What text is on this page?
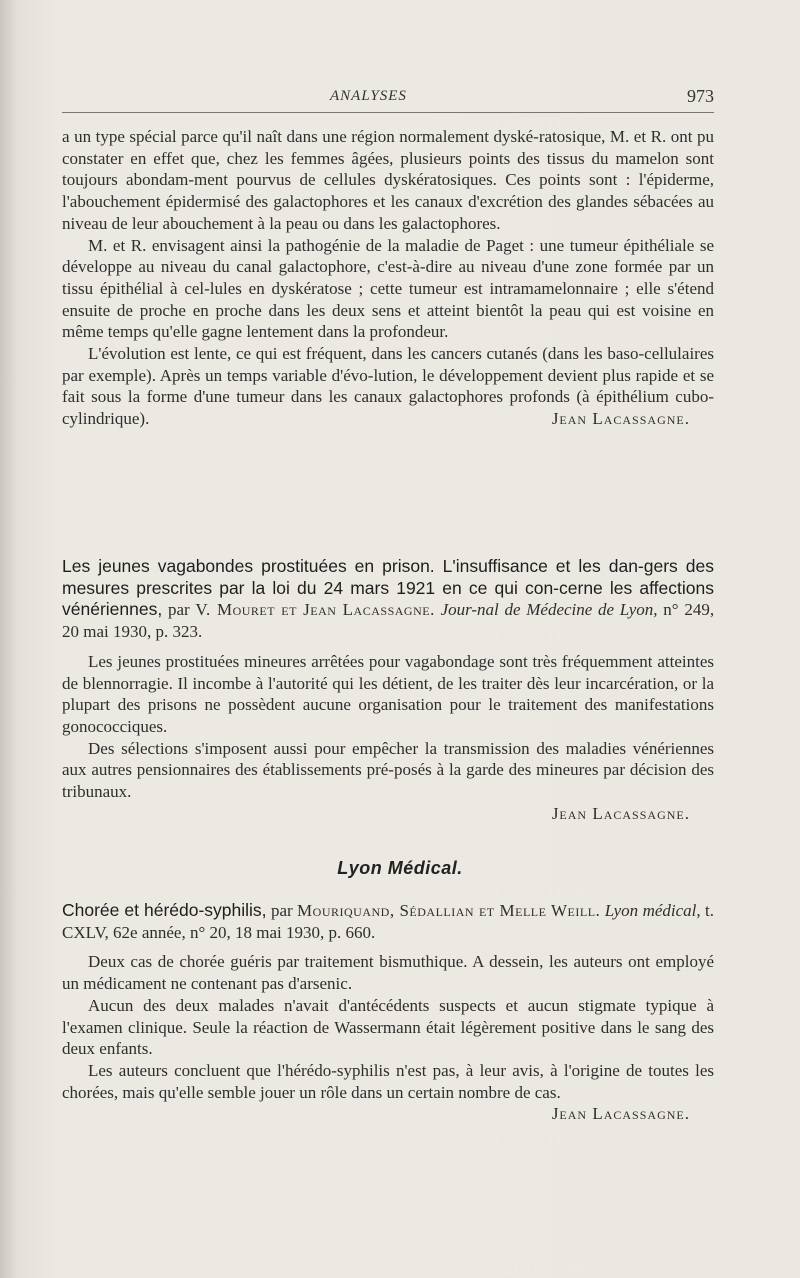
ANALYSES	973

a un type spécial parce qu'il naît dans une région normalement dyské-ratosique, M. et R. ont pu constater en effet que, chez les femmes âgées, plusieurs points des tissus du mamelon sont toujours abondam-ment pourvus de cellules dyskératosiques. Ces points sont : l'épiderme, l'abouchement épidermisé des galactophores et les canaux d'excrétion des glandes sébacées au niveau de leur abouchement à la peau ou dans les galactophores.

M. et R. envisagent ainsi la pathogénie de la maladie de Paget : une tumeur épithéliale se développe au niveau du canal galactophore, c'est-à-dire au niveau d'une zone formée par un tissu épithélial à cel-lules en dyskératose ; cette tumeur est intramamelonnaire ; elle s'étend ensuite de proche en proche dans les deux sens et atteint bientôt la peau qui est voisine en même temps qu'elle gagne lentement dans la profondeur.

L'évolution est lente, ce qui est fréquent, dans les cancers cutanés (dans les baso-cellulaires par exemple). Après un temps variable d'évo-lution, le développement devient plus rapide et se fait sous la forme d'une tumeur dans les canaux galactophores profonds (à épithélium cubo-cylindrique).	Jean Lacassagne.

Les jeunes vagabondes prostituées en prison. L'insuffisance et les dan-gers des mesures prescrites par la loi du 24 mars 1921 en ce qui con-cerne les affections vénériennes, par V. Mouret et Jean Lacassagne. Jour-nal de Médecine de Lyon, n° 249, 20 mai 1930, p. 323.

Les jeunes prostituées mineures arrêtées pour vagabondage sont très fréquemment atteintes de blennorragie. Il incombe à l'autorité qui les détient, de les traiter dès leur incarcération, or la plupart des prisons ne possèdent aucune organisation pour le traitement des manifestations gonococciques.

Des sélections s'imposent aussi pour empêcher la transmission des maladies vénériennes aux autres pensionnaires des établissements pré-posés à la garde des mineures par décision des tribunaux.

Jean Lacassagne.

Lyon Médical.

Chorée et hérédo-syphilis, par Mouriquand, Sédallian et Melle Weill. Lyon médical, t. CXLV, 62e année, n° 20, 18 mai 1930, p. 660.

Deux cas de chorée guéris par traitement bismuthique. A dessein, les auteurs ont employé un médicament ne contenant pas d'arsenic.

Aucun des deux malades n'avait d'antécédents suspects et aucun stigmate typique à l'examen clinique. Seule la réaction de Wassermann était légèrement positive dans le sang des deux enfants.

Les auteurs concluent que l'hérédo-syphilis n'est pas, à leur avis, à l'origine de toutes les chorées, mais qu'elle semble jouer un rôle dans un certain nombre de cas.
Jean Lacassagne.
